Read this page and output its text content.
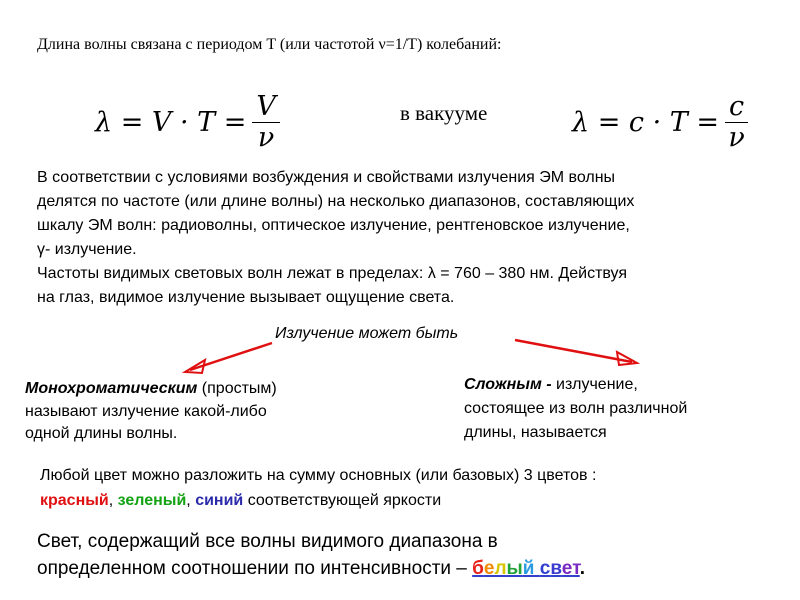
Длина волны связана с периодом T (или частотой ν=1/T) колебаний:
$\lambda = V \cdot T = \frac{V}{\nu}$	в вакууме	$\lambda = c \cdot T = \frac{c}{\nu}$
В соответствии с условиями возбуждения и свойствами излучения ЭМ волны
делятся по частоте (или длине волны) на несколько диапазонов, составляющих
шкалу ЭМ волн: радиоволны, оптическое излучение, рентгеновское излучение,
γ- излучение.
Частоты видимых световых волн лежат в пределах: λ = 760 – 380 нм. Действуя
на глаз, видимое излучение вызывает ощущение света.
Излучение может быть
Монохроматическим (простым)
называют излучение какой-либо
одной длины волны.
Сложным - излучение,
состоящее из волн различной
длины, называется
Любой цвет можно разложить на сумму основных (или базовых) 3 цветов :
красный, зеленый, синий соответствующей яркости
Свет, содержащий все волны видимого диапазона в
определенном соотношении по интенсивности – белый свет.
